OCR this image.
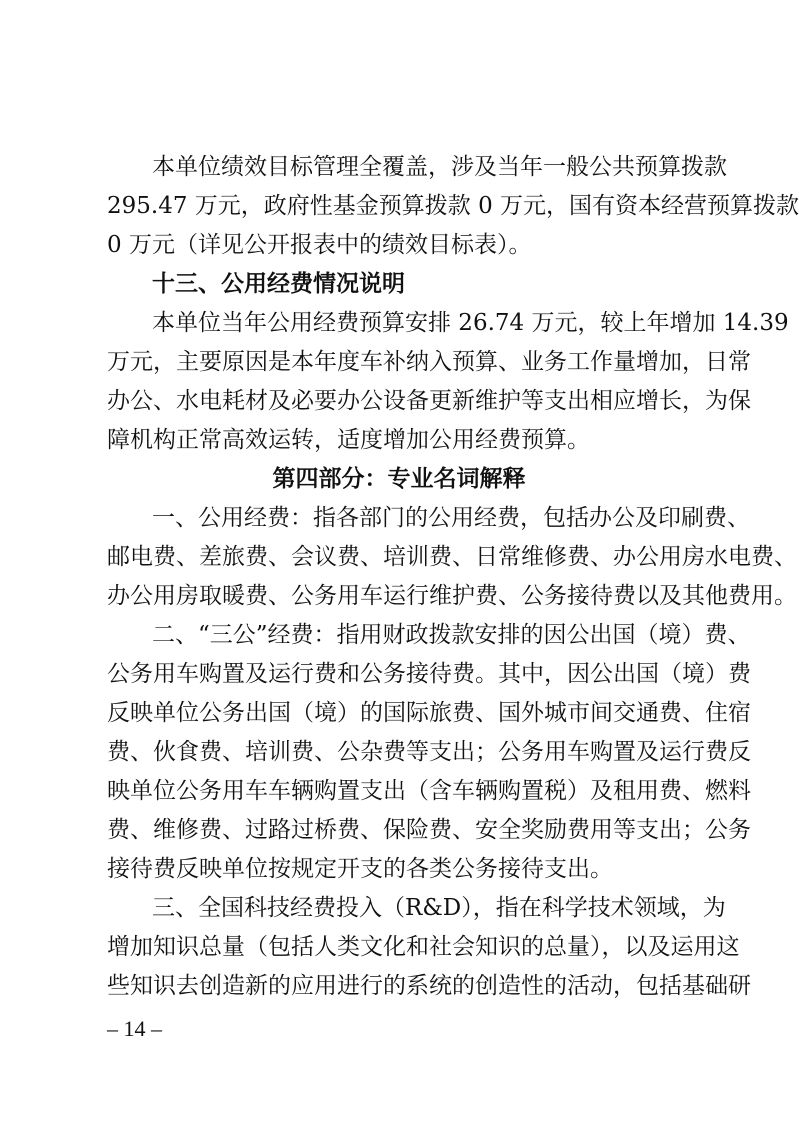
本单位绩效目标管理全覆盖，涉及当年一般公共预算拨款
295.47 万元，政府性基金预算拨款 0 万元，国有资本经营预算拨款
0 万元（详见公开报表中的绩效目标表）。
十三、公用经费情况说明
本单位当年公用经费预算安排 26.74 万元，较上年增加 14.39
万元，主要原因是本年度车补纳入预算、业务工作量增加，日常
办公、水电耗材及必要办公设备更新维护等支出相应增长，为保
障机构正常高效运转，适度增加公用经费预算。
第四部分：专业名词解释
一、公用经费：指各部门的公用经费，包括办公及印刷费、
邮电费、差旅费、会议费、培训费、日常维修费、办公用房水电费、
办公用房取暖费、公务用车运行维护费、公务接待费以及其他费用。
二、“三公”经费：指用财政拨款安排的因公出国（境）费、
公务用车购置及运行费和公务接待费。其中，因公出国（境）费
反映单位公务出国（境）的国际旅费、国外城市间交通费、住宿
费、伙食费、培训费、公杂费等支出；公务用车购置及运行费反
映单位公务用车车辆购置支出（含车辆购置税）及租用费、燃料
费、维修费、过路过桥费、保险费、安全奖励费用等支出；公务
接待费反映单位按规定开支的各类公务接待支出。
三、全国科技经费投入（R&D），指在科学技术领域，为
增加知识总量（包括人类文化和社会知识的总量），以及运用这
些知识去创造新的应用进行的系统的创造性的活动，包括基础研
– 14 –
